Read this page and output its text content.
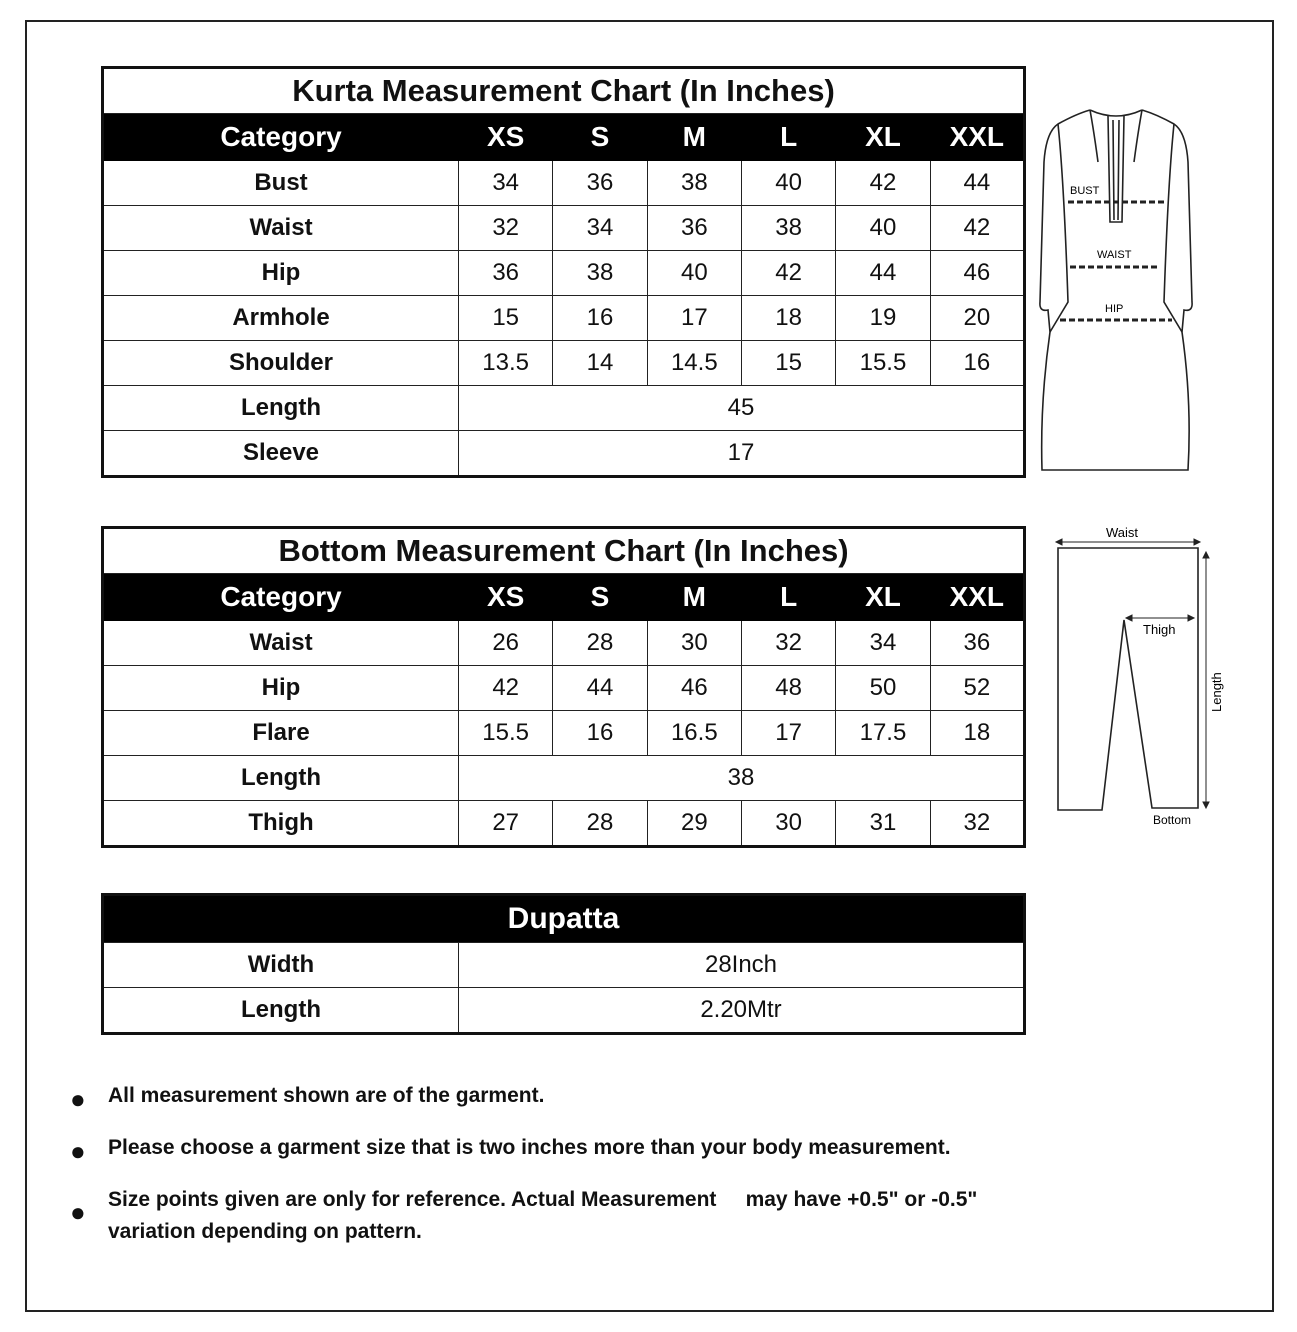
Kurta Measurement Chart (In Inches)						
Category	XS	S	M	L	XL	XXL
Bust	34	36	38	40	42	44
Waist	32	34	36	38	40	42
Hip	36	38	40	42	44	46
Armhole	15	16	17	18	19	20
Shoulder	13.5	14	14.5	15	15.5	16
Length	45					
Sleeve	17					
BUST
WAIST
HIP
Bottom Measurement Chart (In Inches)						
Category	XS	S	M	L	XL	XXL
Waist	26	28	30	32	34	36
Hip	42	44	46	48	50	52
Flare	15.5	16	16.5	17	17.5	18
Length	38					
Thigh	27	28	29	30	31	32
Waist
Thigh
Length
Bottom
Dupatta	
Width	28Inch
Length	2.20Mtr
●	All measurement shown are of the garment.
●	Please choose a garment size that is two inches more than your body measurement.
●	Size points given are only for reference. Actual Measurement     may have +0.5" or -0.5" variation depending on pattern.
